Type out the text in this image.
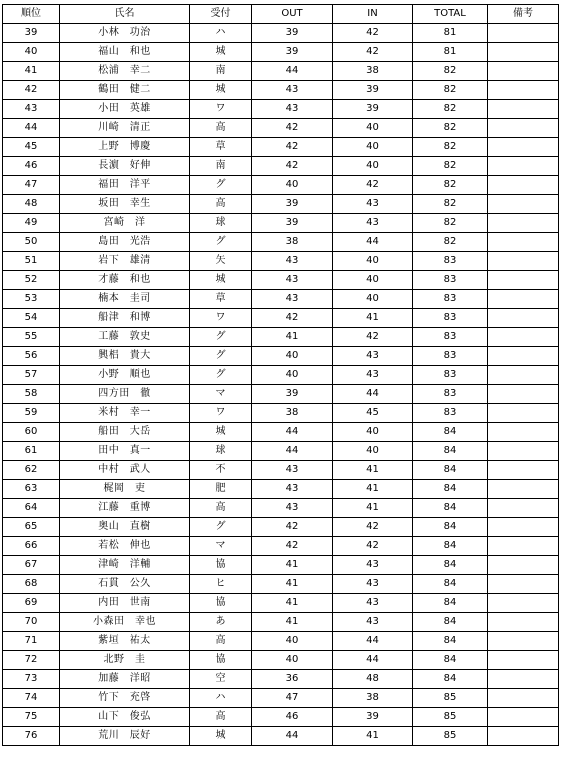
順位	氏名	受付	OUT	IN	TOTAL	備考
39	小林　功治	ハ	39	42	81	
40	福山　和也	城	39	42	81	
41	松浦　幸二	南	44	38	82	
42	鶴田　健二	城	43	39	82	
43	小田　英雄	ワ	43	39	82	
44	川崎　清正	高	42	40	82	
45	上野　博慶	草	42	40	82	
46	長濵　好伸	南	42	40	82	
47	福田　洋平	グ	40	42	82	
48	坂田　幸生	高	39	43	82	
49	宮崎　洋	球	39	43	82	
50	島田　光浩	グ	38	44	82	
51	岩下　雄清	矢	43	40	83	
52	才藤　和也	城	43	40	83	
53	楠本　圭司	草	43	40	83	
54	船津　和博	ワ	42	41	83	
55	工藤　敦史	グ	41	42	83	
56	興梠　貴大	グ	40	43	83	
57	小野　順也	グ	40	43	83	
58	四方田　徹	マ	39	44	83	
59	米村　幸一	ワ	38	45	83	
60	船田　大岳	城	44	40	84	
61	田中　真一	球	44	40	84	
62	中村　武人	不	43	41	84	
63	梶岡　吏	肥	43	41	84	
64	江藤　重博	高	43	41	84	
65	奥山　直樹	グ	42	42	84	
66	若松　伸也	マ	42	42	84	
67	津崎　洋輔	協	41	43	84	
68	石貫　公久	ヒ	41	43	84	
69	内田　世南	協	41	43	84	
70	小森田　幸也	あ	41	43	84	
71	紫垣　祐太	高	40	44	84	
72	北野　圭	協	40	44	84	
73	加藤　洋昭	空	36	48	84	
74	竹下　充啓	ハ	47	38	85	
75	山下　俊弘	高	46	39	85	
76	荒川　辰好	城	44	41	85	
